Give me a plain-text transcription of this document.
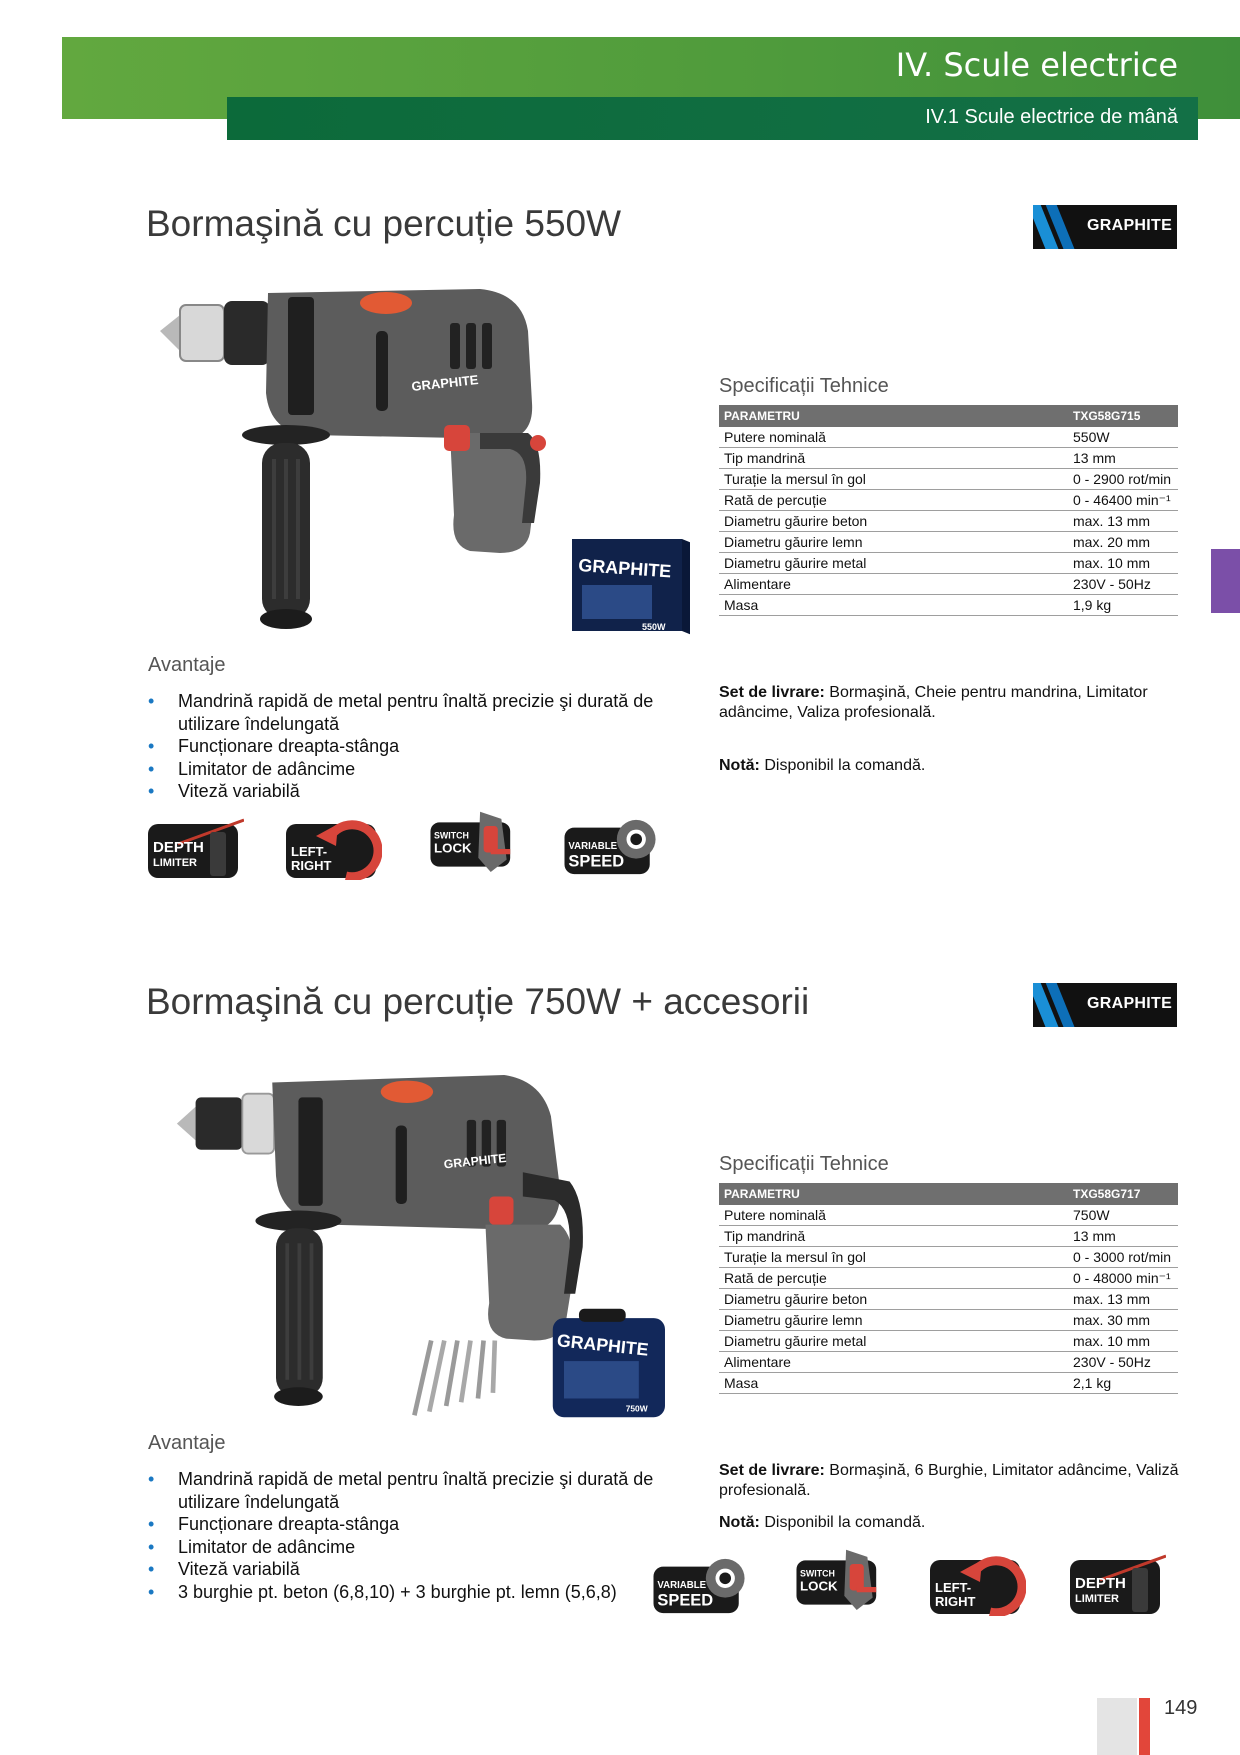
IV. Scule electrice
IV.1 Scule electrice de mână
Bormaşină cu percuție 550W	GRAPHITE
GRAPHITE
GRAPHITE
550W
Specificații Tehnice
PARAMETRU	TXG58G715
Putere nominală	550W
Tip mandrină	13 mm
Turație la mersul în gol	0 - 2900 rot/min
Rată de percuție	0 - 46400 min⁻¹
Diametru găurire beton	max. 13 mm
Diametru găurire lemn	max. 20 mm
Diametru găurire metal	max. 10 mm
Alimentare	230V - 50Hz
Masa	1,9 kg
Avantaje
• Mandrină rapidă de metal pentru înaltă precizie şi durată de utilizare îndelungată
• Funcționare dreapta-stânga
• Limitator de adâncime
• Viteză variabilă
Set de livrare: Bormaşină, Cheie pentru mandrina, Limitator adâncime, Valiza profesională.
Notă: Disponibil la comandă.
DEPTH
LIMITER
LEFT-
RIGHT
SWITCH
LOCK	VARIABLE
SPEED
Bormaşină cu percuție 750W + accesorii	GRAPHITE
GRAPHITE
GRAPHITE
750W
Specificații Tehnice
PARAMETRU	TXG58G717
Putere nominală	750W
Tip mandrină	13 mm
Turație la mersul în gol	0 - 3000 rot/min
Rată de percuție	0 - 48000 min⁻¹
Diametru găurire beton	max. 13 mm
Diametru găurire lemn	max. 30 mm
Diametru găurire metal	max. 10 mm
Alimentare	230V - 50Hz
Masa	2,1 kg
Avantaje
• Mandrină rapidă de metal pentru înaltă precizie şi durată de utilizare îndelungată
• Funcționare dreapta-stânga
• Limitator de adâncime
• Viteză variabilă
• 3 burghie pt. beton (6,8,10) + 3 burghie pt. lemn (5,6,8)
Set de livrare: Bormaşină, 6 Burghie, Limitator adâncime, Valiză profesională.
Notă: Disponibil la comandă.
VARIABLE
SPEED
SWITCH
LOCK	LEFT-
RIGHT
DEPTH
LIMITER
149
